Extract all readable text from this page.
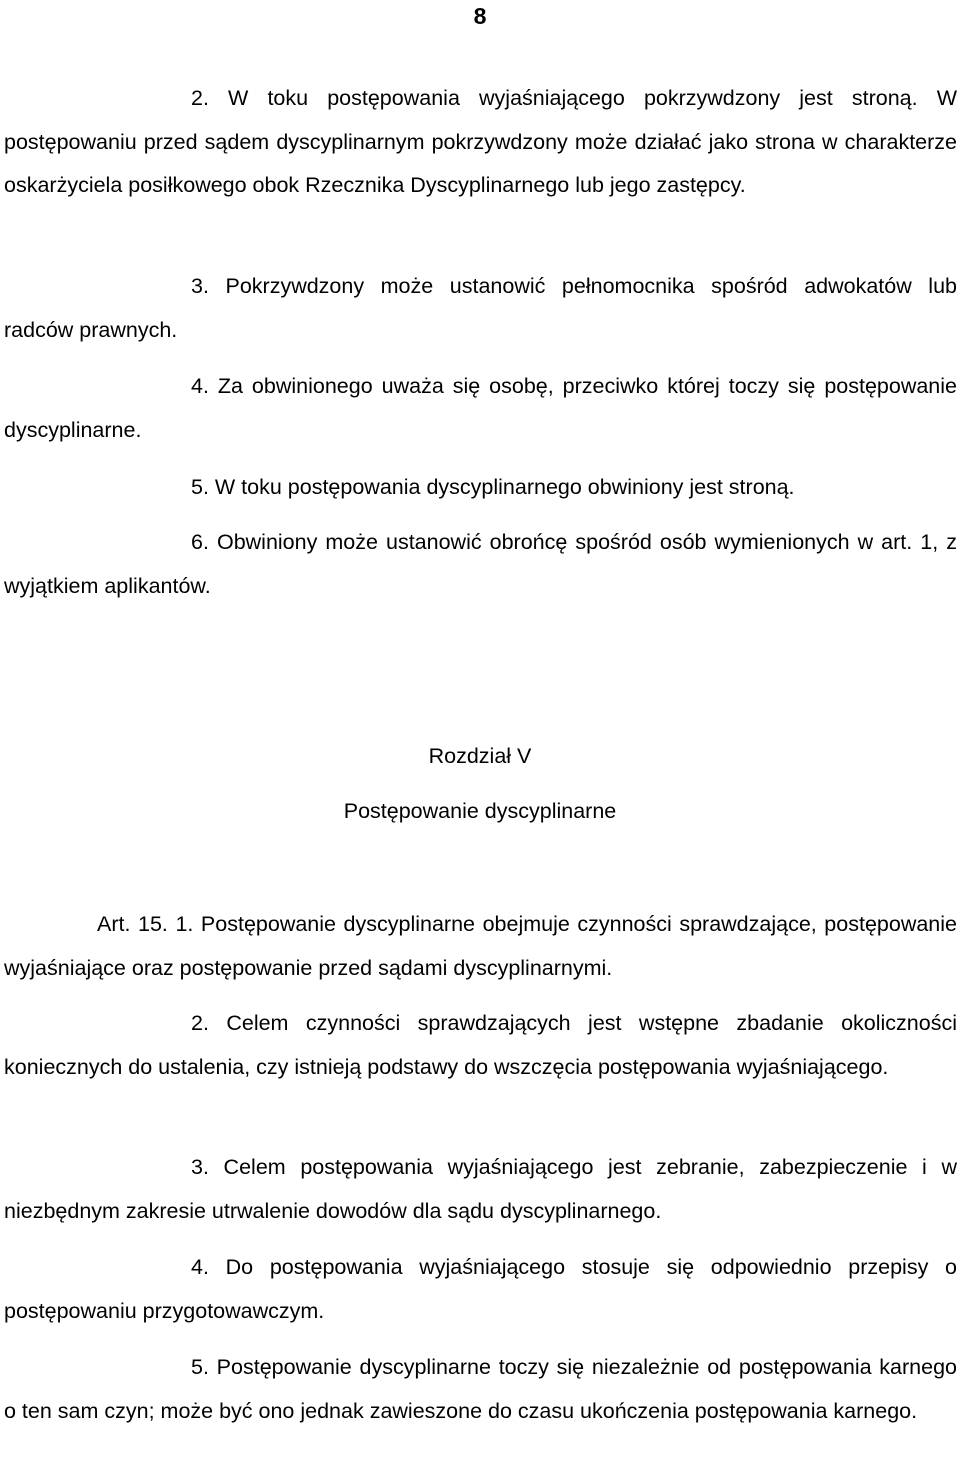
8

2. W toku postępowania wyjaśniającego pokrzywdzony jest stroną. W postępowaniu przed sądem dyscyplinarnym pokrzywdzony może działać jako strona w charakterze oskarżyciela posiłkowego obok Rzecznika Dyscyplinarnego lub jego zastępcy.

3. Pokrzywdzony może ustanowić pełnomocnika spośród adwokatów lub radców prawnych.

4. Za obwinionego uważa się osobę, przeciwko której toczy się postępowanie dyscyplinarne.

5. W toku postępowania dyscyplinarnego obwiniony jest stroną.

6. Obwiniony może ustanowić obrońcę spośród osób wymienionych w art. 1, z wyjątkiem aplikantów.

Rozdział V
Postępowanie dyscyplinarne

Art. 15. 1. Postępowanie dyscyplinarne obejmuje czynności sprawdzające, postępowanie wyjaśniające oraz postępowanie przed sądami dyscyplinarnymi.

2. Celem czynności sprawdzających jest wstępne zbadanie okoliczności koniecznych do ustalenia, czy istnieją podstawy do wszczęcia postępowania wyjaśniającego.

3. Celem postępowania wyjaśniającego jest zebranie, zabezpieczenie i w niezbędnym zakresie utrwalenie dowodów dla sądu dyscyplinarnego.

4. Do postępowania wyjaśniającego stosuje się odpowiednio przepisy o postępowaniu przygotowawczym.

5. Postępowanie dyscyplinarne toczy się niezależnie od postępowania karnego o ten sam czyn; może być ono jednak zawieszone do czasu ukończenia postępowania karnego.
